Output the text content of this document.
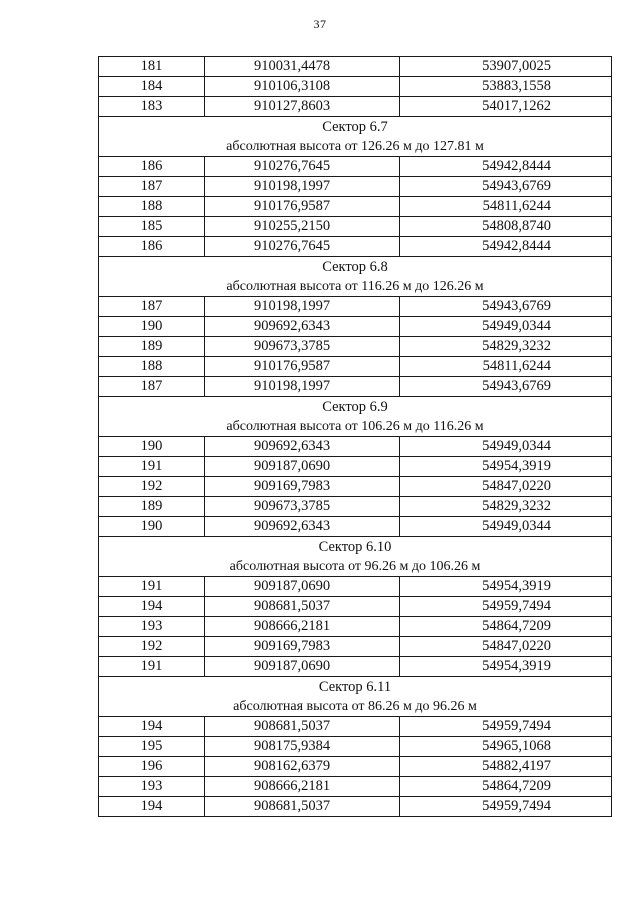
37
181	910031,4478	53907,0025
184	910106,3108	53883,1558
183	910127,8603	54017,1262

Сектор 6.7
абсолютная высота от 126.26 м до 127.81 м		

186	910276,7645	54942,8444
187	910198,1997	54943,6769
188	910176,9587	54811,6244
185	910255,2150	54808,8740
186	910276,7645	54942,8444

Сектор 6.8
абсолютная высота от 116.26 м до 126.26 м		

187	910198,1997	54943,6769
190	909692,6343	54949,0344
189	909673,3785	54829,3232
188	910176,9587	54811,6244
187	910198,1997	54943,6769

Сектор 6.9
абсолютная высота от 106.26 м до 116.26 м		

190	909692,6343	54949,0344
191	909187,0690	54954,3919
192	909169,7983	54847,0220
189	909673,3785	54829,3232
190	909692,6343	54949,0344

Сектор 6.10
абсолютная высота от 96.26 м до 106.26 м		

191	909187,0690	54954,3919
194	908681,5037	54959,7494
193	908666,2181	54864,7209
192	909169,7983	54847,0220
191	909187,0690	54954,3919

Сектор 6.11
абсолютная высота от 86.26 м до 96.26 м		

194	908681,5037	54959,7494
195	908175,9384	54965,1068
196	908162,6379	54882,4197
193	908666,2181	54864,7209
194	908681,5037	54959,7494
